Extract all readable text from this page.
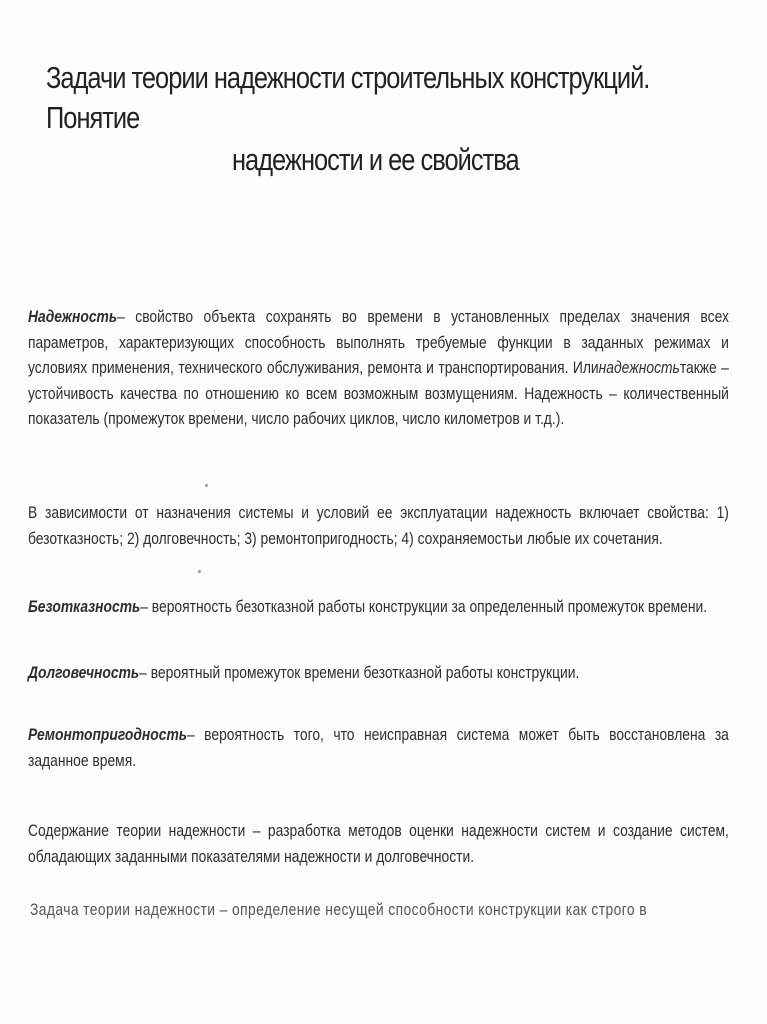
Задачи теории надежности строительных конструкций. Понятие
надежности и ее свойства
Надежность– свойство объекта сохранять во времени в установленных пределах значения всех параметров, характеризующих способность выполнять требуемые функции в заданных режимах и условиях применения, технического обслуживания, ремонта и транспортирования. Илинадежностьтакже – устойчивость качества по отношению ко всем возможным возмущениям. Надежность – количественный показатель (промежуток времени, число рабочих циклов, число километров и т.д.).
В зависимости от назначения системы и условий ее эксплуатации надежность включает свойства: 1) безотказность; 2) долговечность; 3) ремонтопригодность; 4) сохраняемостьи любые их сочетания.
Безотказность– вероятность безотказной работы конструкции за определенный промежуток времени.
Долговечность– вероятный промежуток времени безотказной работы конструкции.
Ремонтопригодность– вероятность того, что неисправная система может быть восстановлена за заданное время.
Содержание теории надежности – разработка методов оценки надежности систем и создание систем, обладающих заданными показателями надежности и долговечности.
Задача теории надежности – определение несущей способности конструкции как строго в
